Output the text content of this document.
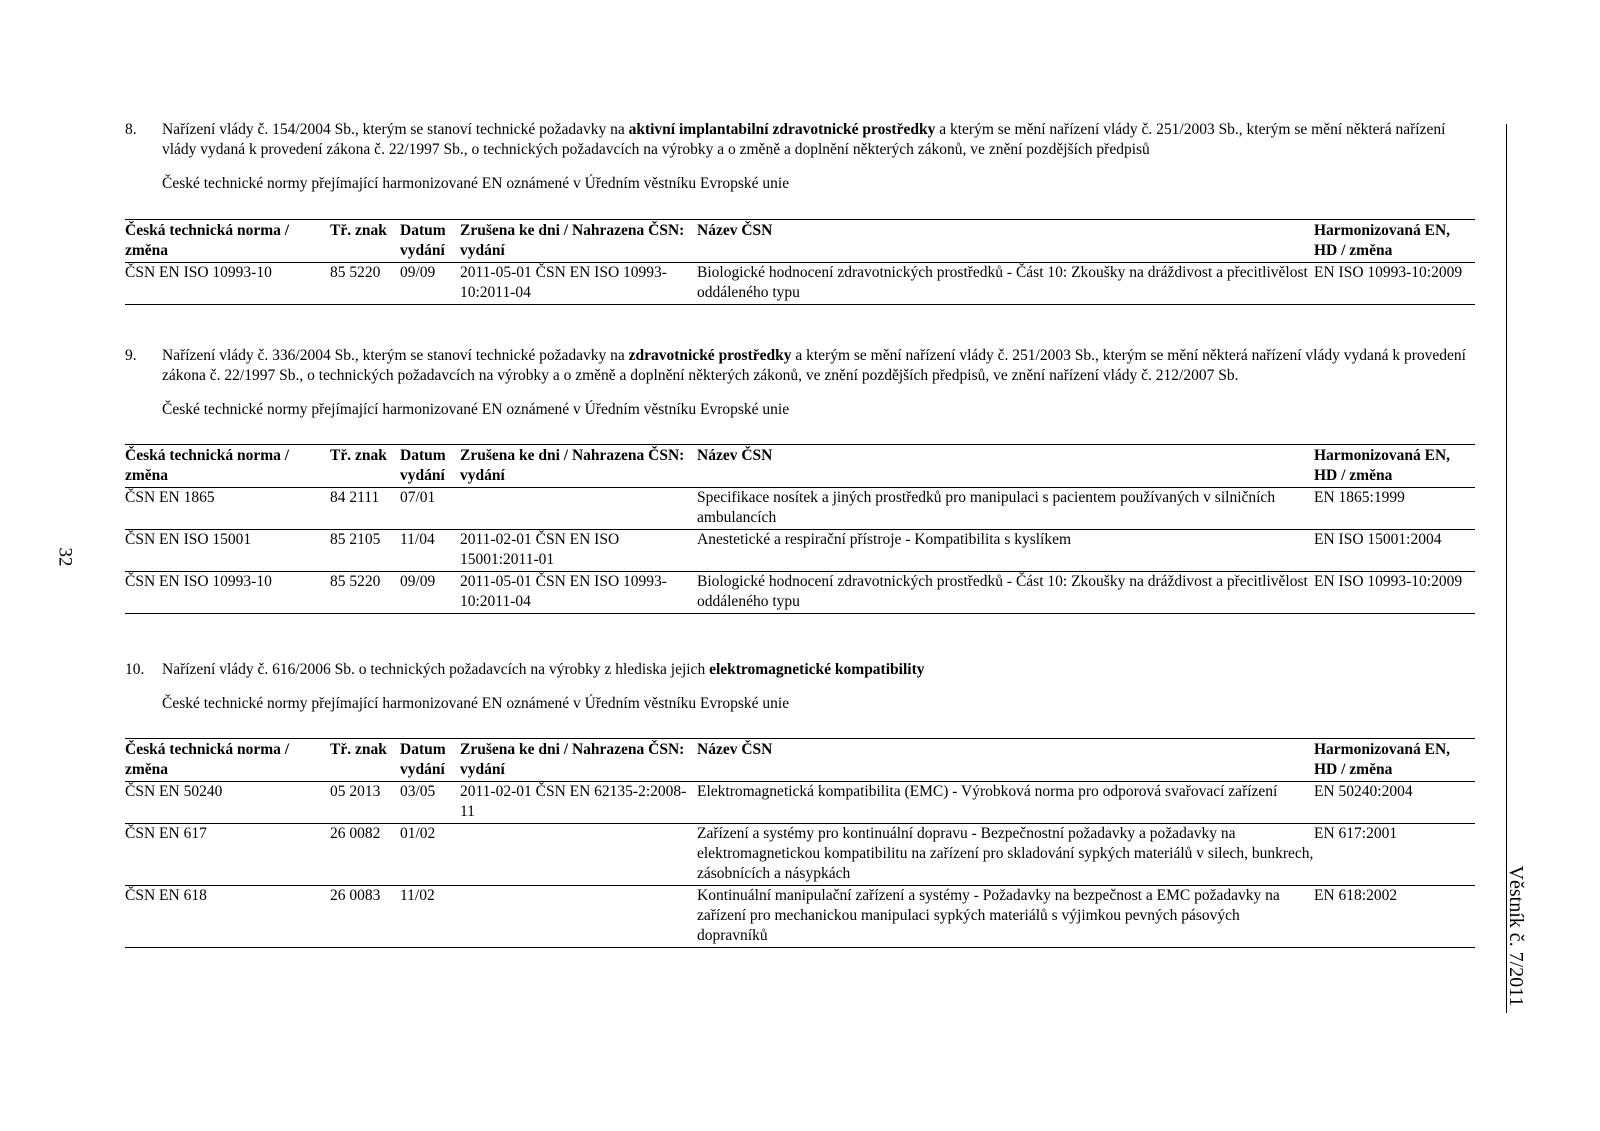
32
Věstník č. 7/2011

8. Nařízení vlády č. 154/2004 Sb., kterým se stanoví technické požadavky na aktivní implantabilní zdravotnické prostředky a kterým se mění nařízení vlády č. 251/2003 Sb., kterým se mění některá nařízení vlády vydaná k provedení zákona č. 22/1997 Sb., o technických požadavcích na výrobky a o změně a doplnění některých zákonů, ve znění pozdějších předpisů

České technické normy přejímající harmonizované EN oznámené v Úředním věstníku Evropské unie

Česká technická norma / změna	Tř. znak	Datum vydání	Zrušena ke dni / Nahrazena ČSN: vydání	Název ČSN	Harmonizovaná EN, HD / změna
ČSN EN ISO 10993-10	85 5220	09/09	2011-05-01 ČSN EN ISO 10993-10:2011-04	Biologické hodnocení zdravotnických prostředků - Část 10: Zkoušky na dráždivost a přecitlivělost oddáleného typu	EN ISO 10993-10:2009

9. Nařízení vlády č. 336/2004 Sb., kterým se stanoví technické požadavky na zdravotnické prostředky a kterým se mění nařízení vlády č. 251/2003 Sb., kterým se mění některá nařízení vlády vydaná k provedení zákona č. 22/1997 Sb., o technických požadavcích na výrobky a o změně a doplnění některých zákonů, ve znění pozdějších předpisů, ve znění nařízení vlády č. 212/2007 Sb.

České technické normy přejímající harmonizované EN oznámené v Úředním věstníku Evropské unie

Česká technická norma / změna	Tř. znak	Datum vydání	Zrušena ke dni / Nahrazena ČSN: vydání	Název ČSN	Harmonizovaná EN, HD / změna
ČSN EN 1865	84 2111	07/01		Specifikace nosítek a jiných prostředků pro manipulaci s pacientem používaných v silničních ambulancích	EN 1865:1999
ČSN EN ISO 15001	85 2105	11/04	2011-02-01 ČSN EN ISO 15001:2011-01	Anestetické a respirační přístroje - Kompatibilita s kyslíkem	EN ISO 15001:2004
ČSN EN ISO 10993-10	85 5220	09/09	2011-05-01 ČSN EN ISO 10993-10:2011-04	Biologické hodnocení zdravotnických prostředků - Část 10: Zkoušky na dráždivost a přecitlivělost oddáleného typu	EN ISO 10993-10:2009

10. Nařízení vlády č. 616/2006 Sb. o technických požadavcích na výrobky z hlediska jejich elektromagnetické kompatibility

České technické normy přejímající harmonizované EN oznámené v Úředním věstníku Evropské unie

Česká technická norma / změna	Tř. znak	Datum vydání	Zrušena ke dni / Nahrazena ČSN: vydání	Název ČSN	Harmonizovaná EN, HD / změna
ČSN EN 50240	05 2013	03/05	2011-02-01 ČSN EN 62135-2:2008-11	Elektromagnetická kompatibilita (EMC) - Výrobková norma pro odporová svařovací zařízení	EN 50240:2004
ČSN EN 617	26 0082	01/02		Zařízení a systémy pro kontinuální dopravu - Bezpečnostní požadavky a požadavky na elektromagnetickou kompatibilitu na zařízení pro skladování sypkých materiálů v silech, bunkrech, zásobnících a násypkách	EN 617:2001
ČSN EN 618	26 0083	11/02		Kontinuální manipulační zařízení a systémy - Požadavky na bezpečnost a EMC požadavky na zařízení pro mechanickou manipulaci sypkých materiálů s výjimkou pevných pásových dopravníků	EN 618:2002
